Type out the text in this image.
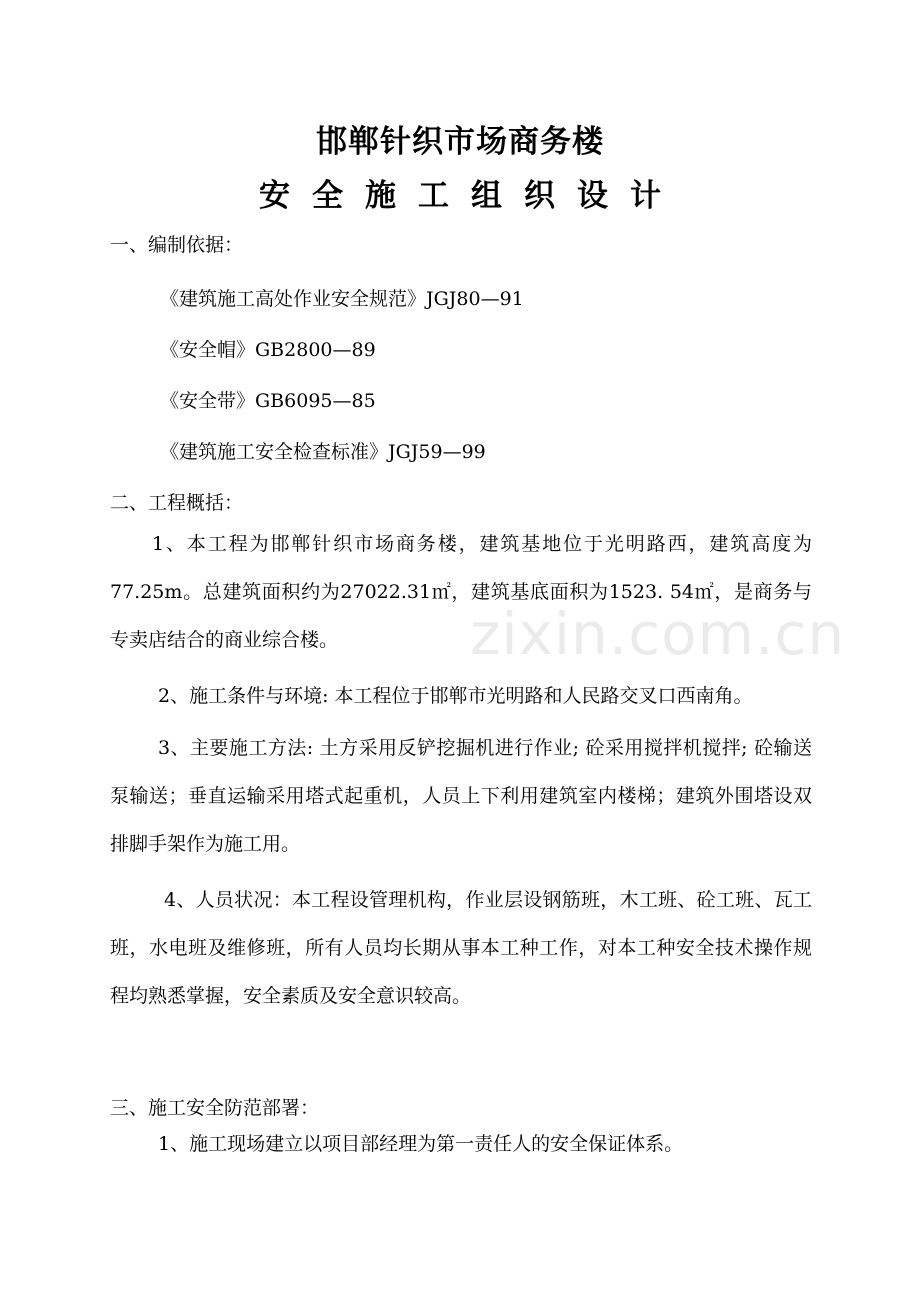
邯郸针织市场商务楼
安全施工组织设计
一、编制依据：
《建筑施工高处作业安全规范》JGJ80—91
《安全帽》GB2800—89
《安全带》GB6095—85
《建筑施工安全检查标准》JGJ59—99
二、工程概括：
1、本工程为邯郸针织市场商务楼，建筑基地位于光明路西，建筑高度为77.25m。总建筑面积约为27022.31㎡，建筑基底面积为1523. 54㎡，是商务与专卖店结合的商业综合楼。
2、施工条件与环境: 本工程位于邯郸市光明路和人民路交叉口西南角。
3、主要施工方法: 土方采用反铲挖掘机进行作业; 砼采用搅拌机搅拌; 砼输送泵输送；垂直运输采用塔式起重机，人员上下利用建筑室内楼梯；建筑外围塔设双排脚手架作为施工用。
4、人员状况：本工程设管理机构，作业层设钢筋班，木工班、砼工班、瓦工班，水电班及维修班，所有人员均长期从事本工种工作，对本工种安全技术操作规程均熟悉掌握，安全素质及安全意识较高。
三、施工安全防范部署：
1、施工现场建立以项目部经理为第一责任人的安全保证体系。
zixin.com.cn
